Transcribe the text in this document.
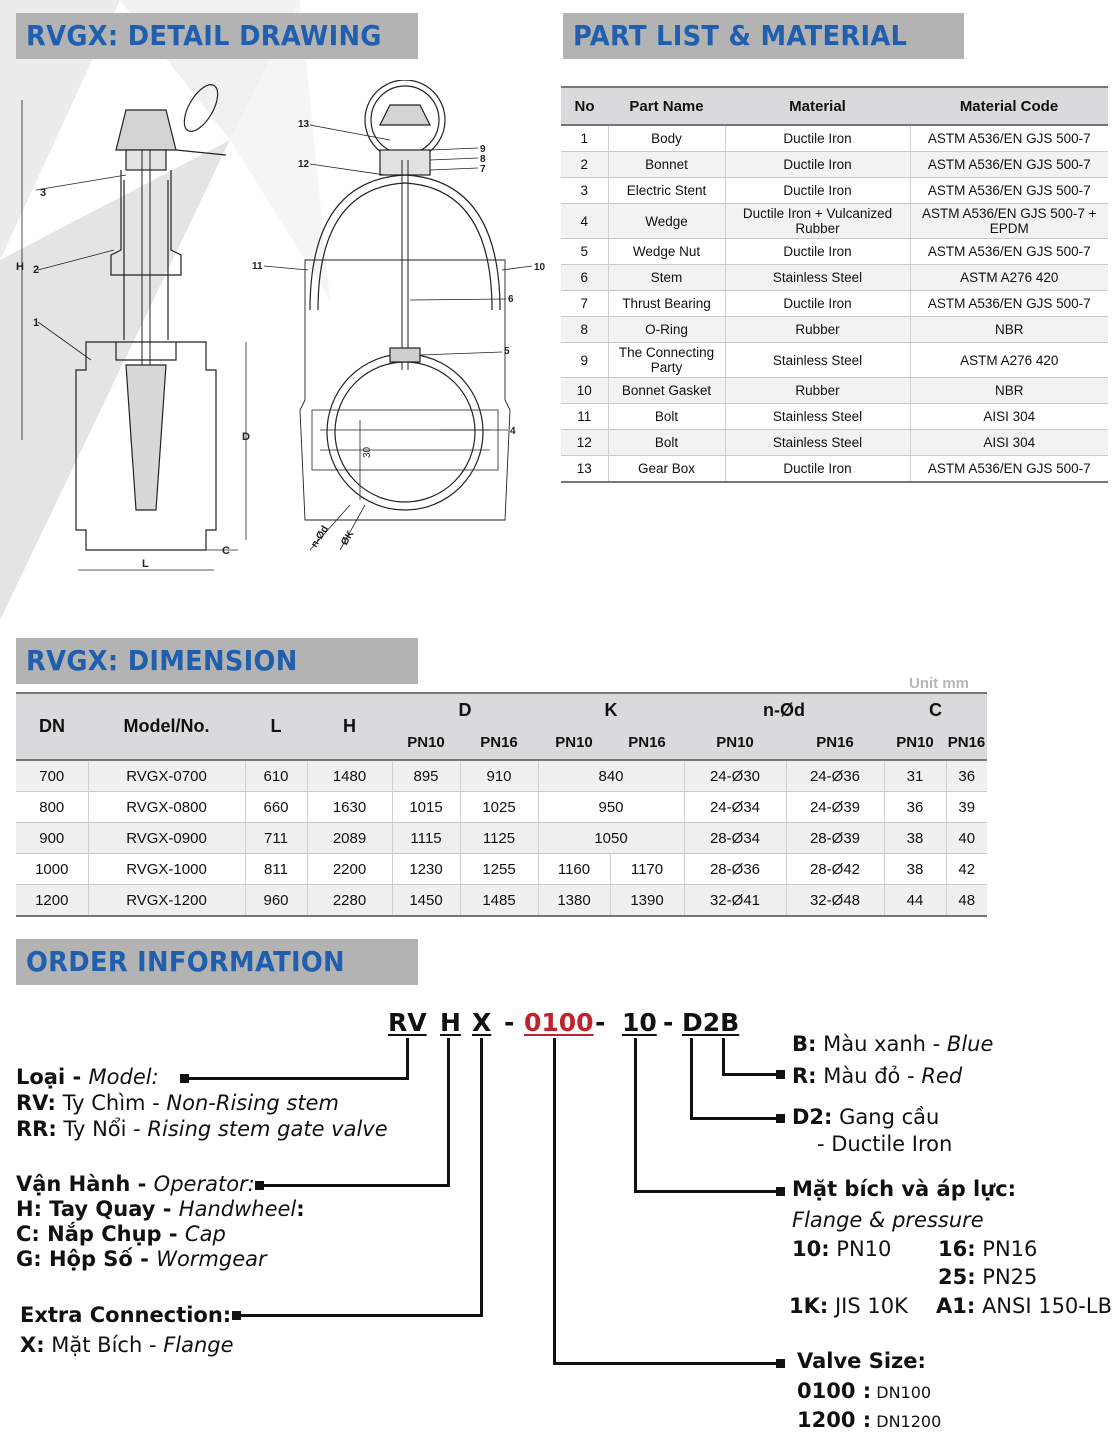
RVGX: DETAIL DRAWING	PART LIST & MATERIAL
RVGX: DIMENSION
ORDER INFORMATION
3
2
1
H
D
L
C
13
12
11
9
8
7
10
6
5
4
n-Ød ØK
30
No	Part Name	Material	Material Code
1	Body	Ductile Iron	ASTM A536/EN GJS 500-7
2	Bonnet	Ductile Iron	ASTM A536/EN GJS 500-7
3	Electric Stent	Ductile Iron	ASTM A536/EN GJS 500-7
4	Wedge	Ductile Iron + Vulcanized Rubber	ASTM A536/EN GJS 500-7 + EPDM
5	Wedge Nut	Ductile Iron	ASTM A536/EN GJS 500-7
6	Stem	Stainless Steel	ASTM A276 420
7	Thrust Bearing	Ductile Iron	ASTM A536/EN GJS 500-7
8	O-Ring	Rubber	NBR
9	The Connecting Party	Stainless Steel	ASTM A276 420
10	Bonnet Gasket	Rubber	NBR
11	Bolt	Stainless Steel	AISI 304
12	Bolt	Stainless Steel	AISI 304
13	Gear Box	Ductile Iron	ASTM A536/EN GJS 500-7
Unit mm
DN	Model/No.	L	H	D		K		n-Ød		C	
				PN10	PN16	PN10	PN16	PN10	PN16	PN10	PN16
700	RVGX-0700	610	1480	895	910	840		24-Ø30	24-Ø36	31	36
800	RVGX-0800	660	1630	1015	1025	950		24-Ø34	24-Ø39	36	39
900	RVGX-0900	711	2089	1115	1125	1050		28-Ø34	28-Ø39	38	40
1000	RVGX-1000	811	2200	1230	1255	1160	1170	28-Ø36	28-Ø42	38	42
1200	RVGX-1200	960	2280	1450	1485	1380	1390	32-Ø41	32-Ø48	44	48
RV H X - 0100 - 10 - D2B
Loại - Model:
RV: Ty Chìm - Non-Rising stem
RR: Ty Nổi - Rising stem gate valve
Vận Hành - Operator:
H: Tay Quay - Handwheel:
C: Nắp Chụp - Cap
G: Hộp Số - Wormgear
Extra Connection:
X: Mặt Bích - Flange
B: Màu xanh - Blue
R: Màu đỏ - Red
D2: Gang cầu
- Ductile Iron
Mặt bích và áp lực:
Flange & pressure
10: PN10 16: PN16
25: PN25
1K: JIS 10K A1: ANSI 150-LB
Valve Size:
0100 : DN100
1200 : DN1200
